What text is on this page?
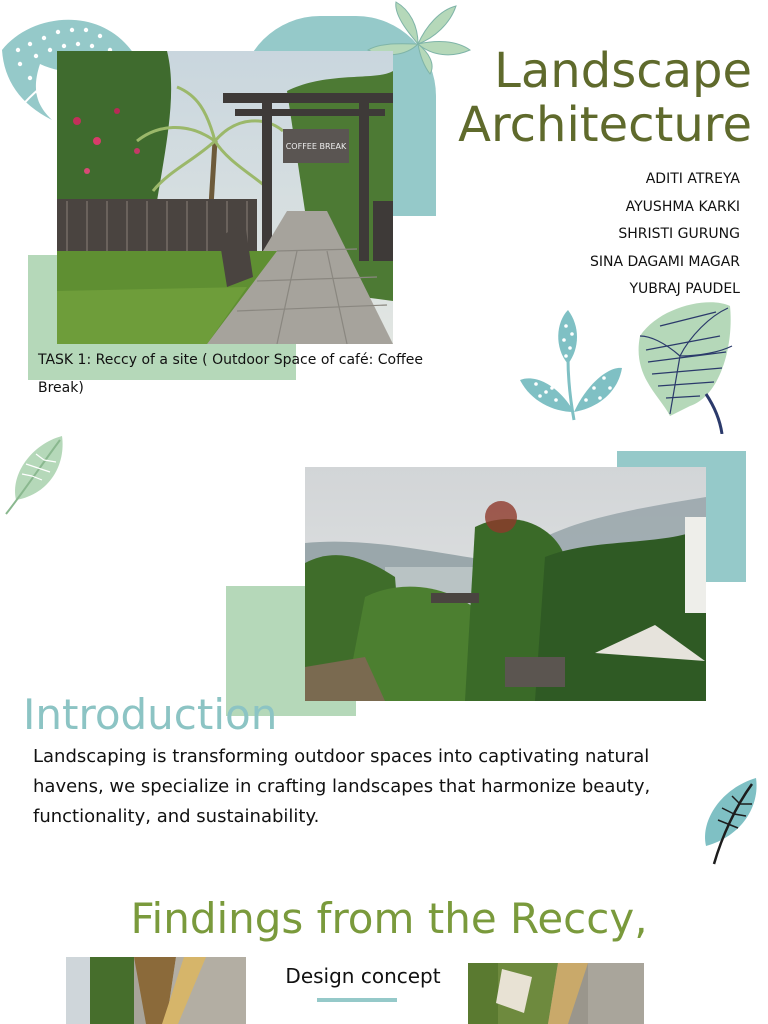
COFFEE BREAK
Landscape
Architecture
ADITI ATREYA
AYUSHMA KARKI
SHRISTI GURUNG
SINA DAGAMI MAGAR
YUBRAJ PAUDEL
TASK 1: Reccy of a site ( Outdoor Space of café: Coffee Break)
Introduction
Landscaping is transforming outdoor spaces into captivating natural havens, we specialize in crafting landscapes that harmonize beauty, functionality, and sustainability.
Findings from the Reccy,
Design concept
